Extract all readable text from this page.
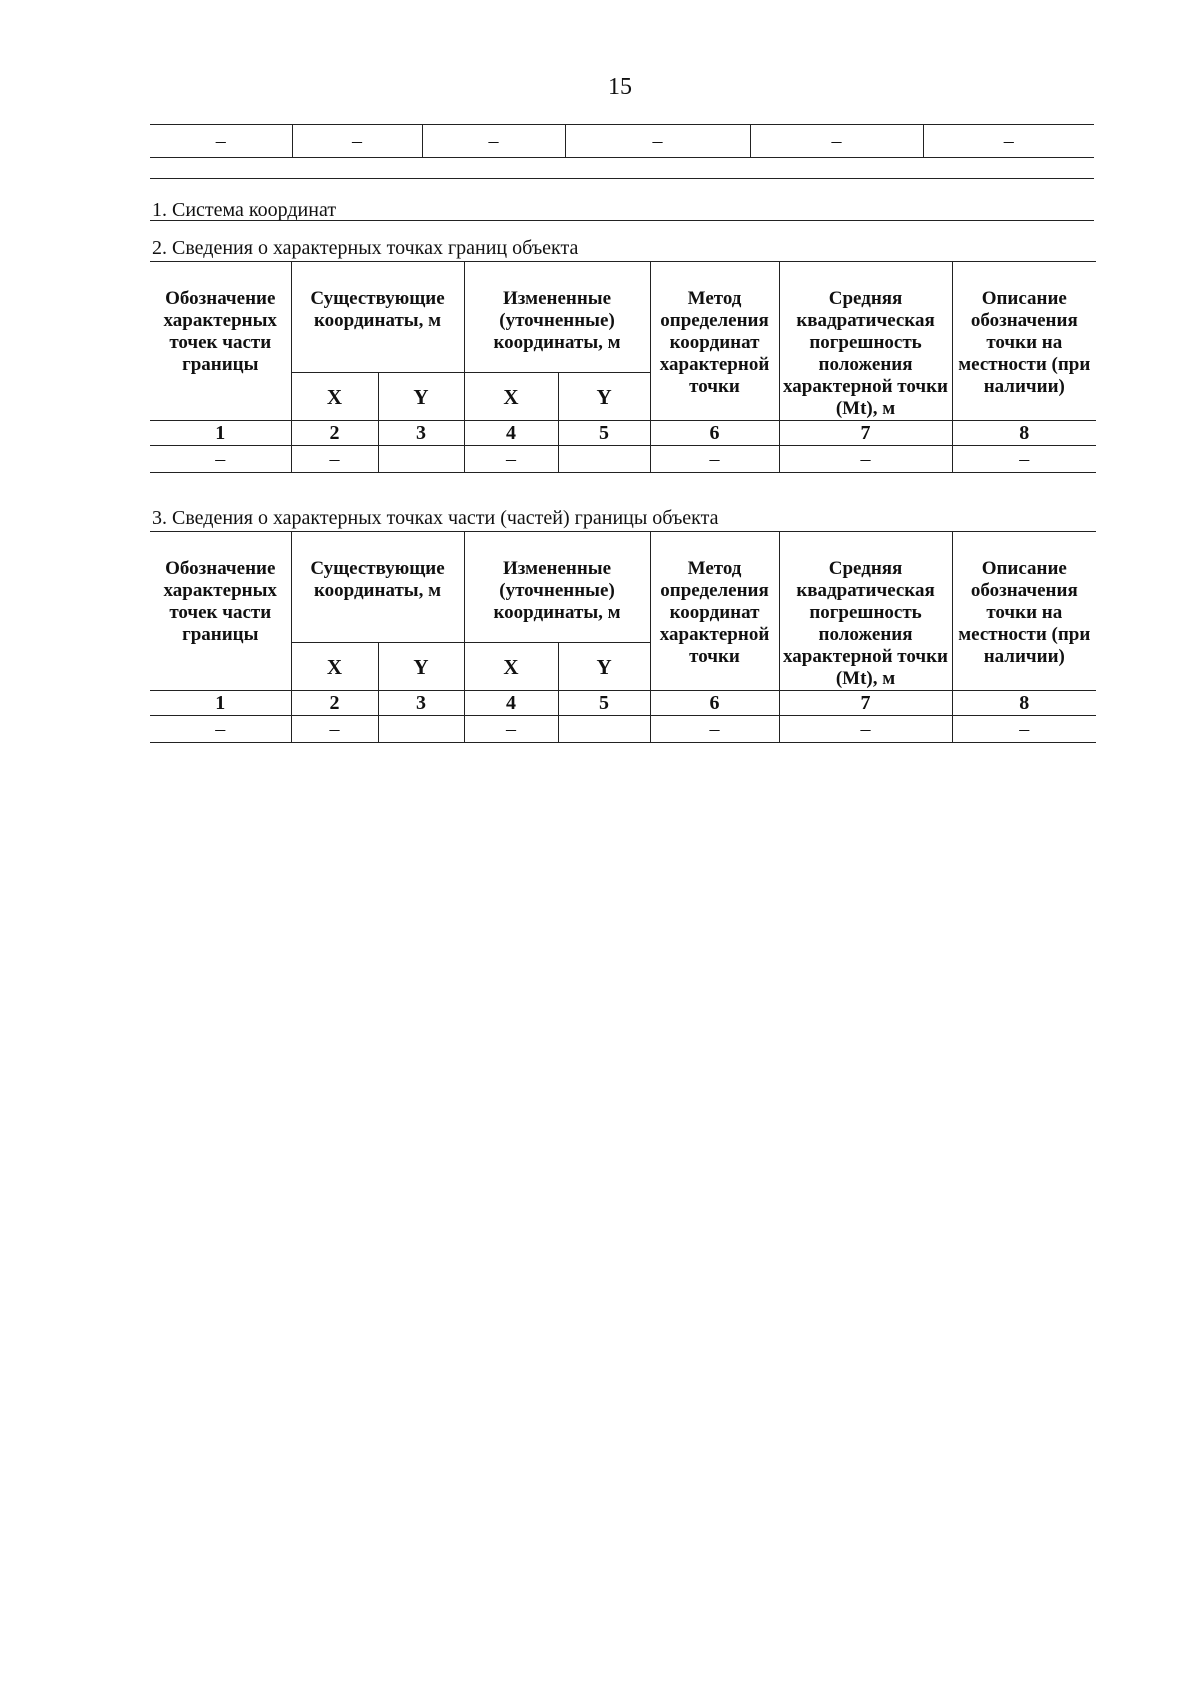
15
–	–	–	–	–	–
1. Система координат
2. Сведения о характерных точках границ объекта
Обозначение характерных точек части границы	Существующие координаты, м		Измененные (уточненные) координаты, м		Метод определения координат характерной точки	Средняя квадратическая погрешность положения характерной точки (Mt), м	Описание обозначения точки на местности (при наличии)
	X	Y	X	Y			
1	2	3	4	5	6	7	8
–	–		–		–	–	–
3. Сведения о характерных точках части (частей) границы объекта
Обозначение характерных точек части границы	Существующие координаты, м		Измененные (уточненные) координаты, м		Метод определения координат характерной точки	Средняя квадратическая погрешность положения характерной точки (Mt), м	Описание обозначения точки на местности (при наличии)
	X	Y	X	Y			
1	2	3	4	5	6	7	8
–	–		–		–	–	–
